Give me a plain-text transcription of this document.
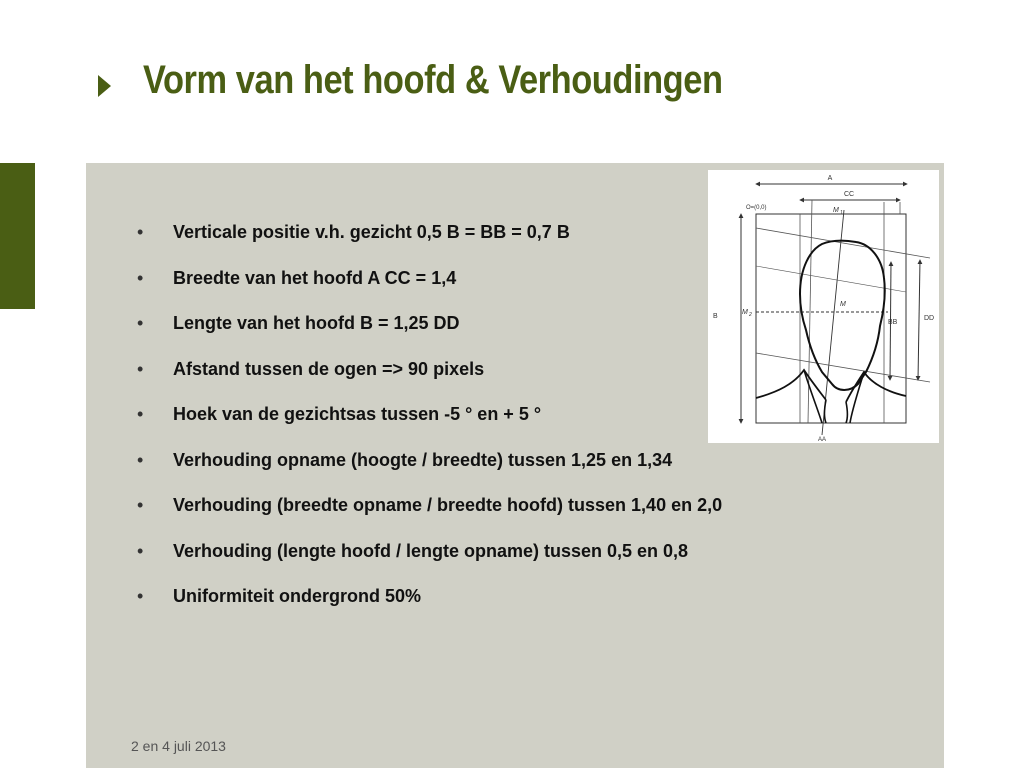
Vorm van het hoofd & Verhoudingen
• Verticale positie v.h. gezicht 0,5 B = BB = 0,7 B
• Breedte van het hoofd A CC = 1,4
• Lengte van het hoofd B = 1,25 DD
• Afstand tussen de ogen => 90 pixels
• Hoek van de gezichtsas tussen -5 ° en + 5 °
• Verhouding opname (hoogte / breedte) tussen 1,25 en 1,34
• Verhouding (breedte opname / breedte hoofd) tussen 1,40 en 2,0
• Verhouding (lengte hoofd / lengte opname) tussen 0,5 en 0,8
• Uniformiteit ondergrond 50%
A
CC
O=(0,0)	M 1
M
M 2
B
BB
DD
AA
2 en 4 juli 2013
